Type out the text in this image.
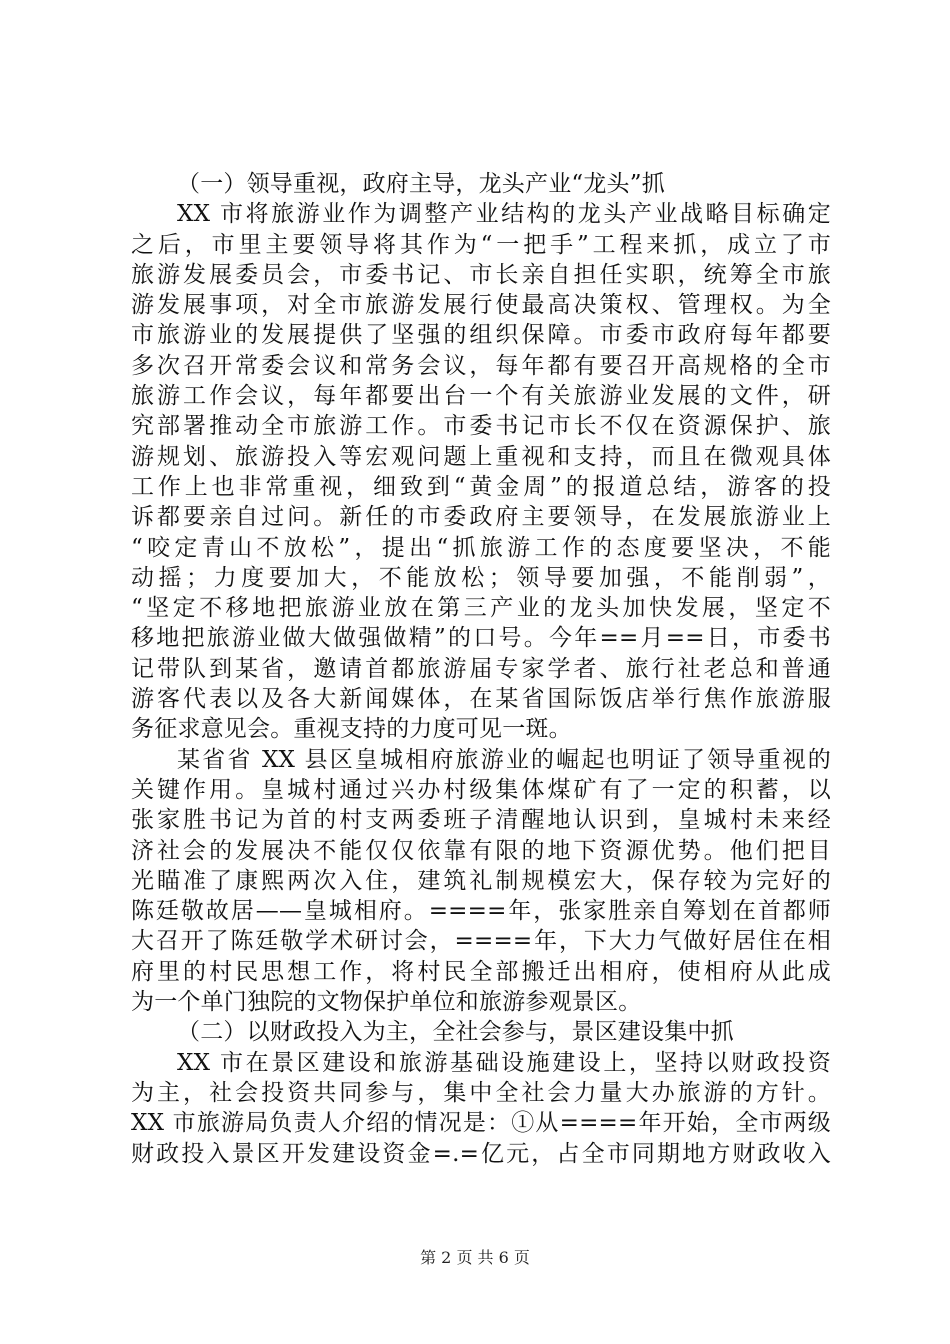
（一）领导重视，政府主导，龙头产业“龙头”抓
XX 市将旅游业作为调整产业结构的龙头产业战略目标确定
之后，市里主要领导将其作为“一把手”工程来抓，成立了市
旅游发展委员会，市委书记、市长亲自担任实职，统筹全市旅
游发展事项，对全市旅游发展行使最高决策权、管理权。为全
市旅游业的发展提供了坚强的组织保障。市委市政府每年都要
多次召开常委会议和常务会议，每年都有要召开高规格的全市
旅游工作会议，每年都要出台一个有关旅游业发展的文件，研
究部署推动全市旅游工作。市委书记市长不仅在资源保护、旅
游规划、旅游投入等宏观问题上重视和支持，而且在微观具体
工作上也非常重视，细致到“黄金周”的报道总结，游客的投
诉都要亲自过问。新任的市委政府主要领导，在发展旅游业上
“咬定青山不放松”，提出“抓旅游工作的态度要坚决，不能
动摇；力度要加大，不能放松；领导要加强，不能削弱”，
“坚定不移地把旅游业放在第三产业的龙头加快发展，坚定不
移地把旅游业做大做强做精”的口号。今年==月==日，市委书
记带队到某省，邀请首都旅游届专家学者、旅行社老总和普通
游客代表以及各大新闻媒体，在某省国际饭店举行焦作旅游服
务征求意见会。重视支持的力度可见一斑。
某省省 XX 县区皇城相府旅游业的崛起也明证了领导重视的
关键作用。皇城村通过兴办村级集体煤矿有了一定的积蓄，以
张家胜书记为首的村支两委班子清醒地认识到，皇城村未来经
济社会的发展决不能仅仅依靠有限的地下资源优势。他们把目
光瞄准了康熙两次入住，建筑礼制规模宏大，保存较为完好的
陈廷敬故居——皇城相府。====年，张家胜亲自筹划在首都师
大召开了陈廷敬学术研讨会，====年，下大力气做好居住在相
府里的村民思想工作，将村民全部搬迁出相府，使相府从此成
为一个单门独院的文物保护单位和旅游参观景区。
（二）以财政投入为主，全社会参与，景区建设集中抓
XX 市在景区建设和旅游基础设施建设上，坚持以财政投资
为主，社会投资共同参与，集中全社会力量大办旅游的方针。
XX 市旅游局负责人介绍的情况是：①从====年开始，全市两级
财政投入景区开发建设资金=.=亿元，占全市同期地方财政收入
第 2 页 共 6 页
